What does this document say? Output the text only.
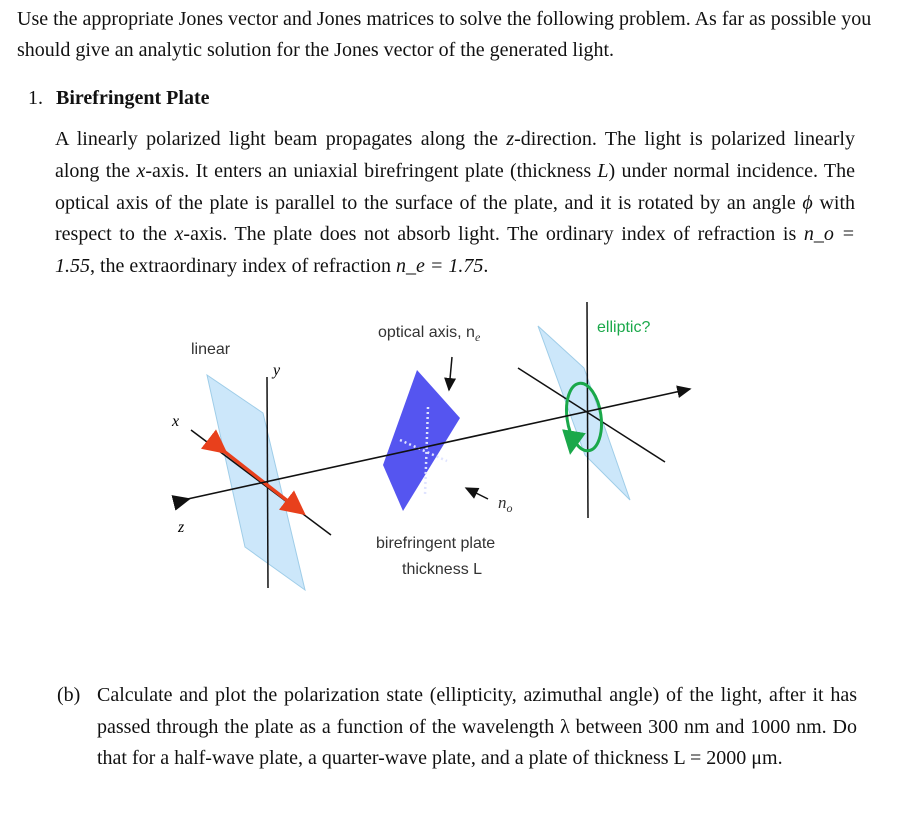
Use the appropriate Jones vector and Jones matrices to solve the following problem. As far as possible you should give an analytic solution for the Jones vector of the generated light.
1. Birefringent Plate
A linearly polarized light beam propagates along the z-direction. The light is polarized linearly along the x-axis. It enters an uniaxial birefringent plate (thickness L) under normal incidence. The optical axis of the plate is parallel to the surface of the plate, and it is rotated by an angle ϕ with respect to the x-axis. The plate does not absorb light. The ordinary index of refraction is n_o = 1.55, the extraordinary index of refraction n_e = 1.75.
linear
y
x
z
optical axis, $n_e$
$n_o$
birefringent plate
thickness L
elliptic?
(b) Calculate and plot the polarization state (ellipticity, azimuthal angle) of the light, after it has passed through the plate as a function of the wavelength λ between 300 nm and 1000 nm. Do that for a half-wave plate, a quarter-wave plate, and a plate of thickness L = 2000 μm.
